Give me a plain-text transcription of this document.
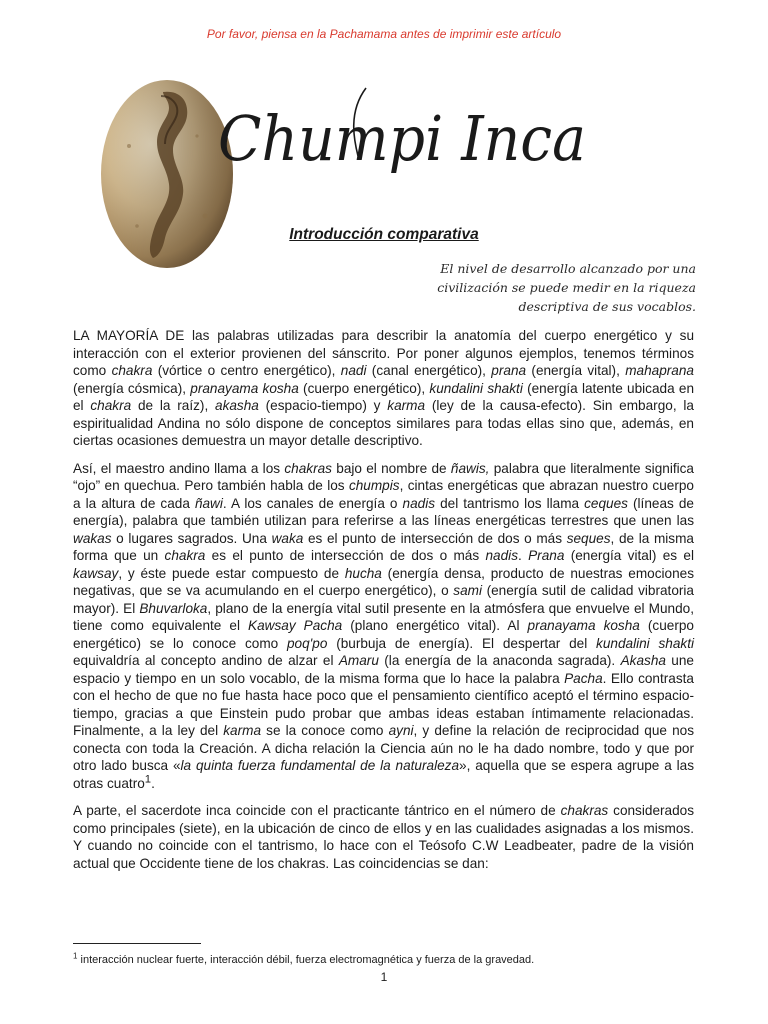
Por favor, piensa en la Pachamama antes de imprimir este artículo
Chumpi Inca
Introducción comparativa
El nivel de desarrollo alcanzado por una
civilización se puede medir en la riqueza
descriptiva de sus vocablos.

LA MAYORÍA DE las palabras utilizadas para describir la anatomía del cuerpo energético y su interacción con el exterior provienen del sánscrito. Por poner algunos ejemplos, tenemos términos como chakra (vórtice o centro energético), nadi (canal energético), prana (energía vital), mahaprana (energía cósmica), pranayama kosha (cuerpo energético), kundalini shakti (energía latente ubicada en el chakra de la raíz), akasha (espacio-tiempo) y karma (ley de la causa-efecto). Sin embargo, la espiritualidad Andina no sólo dispone de conceptos similares para todas ellas sino que, además, en ciertas ocasiones demuestra un mayor detalle descriptivo.

Así, el maestro andino llama a los chakras bajo el nombre de ñawis, palabra que literalmente significa “ojo” en quechua. Pero también habla de los chumpis, cintas energéticas que abrazan nuestro cuerpo a la altura de cada ñawi. A los canales de energía o nadis del tantrismo los llama ceques (líneas de energía), palabra que también utilizan para referirse a las líneas energéticas terrestres que unen las wakas o lugares sagrados. Una waka es el punto de intersección de dos o más seques, de la misma forma que un chakra es el punto de intersección de dos o más nadis. Prana (energía vital) es el kawsay, y éste puede estar compuesto de hucha (energía densa, producto de nuestras emociones negativas, que se va acumulando en el cuerpo energético), o sami (energía sutil de calidad vibratoria mayor). El Bhuvarloka, plano de la energía vital sutil presente en la atmósfera que envuelve el Mundo, tiene como equivalente el Kawsay Pacha (plano energético vital). Al pranayama kosha (cuerpo energético) se lo conoce como poq'po (burbuja de energía). El despertar del kundalini shakti equivaldría al concepto andino de alzar el Amaru (la energía de la anaconda sagrada). Akasha une espacio y tiempo en un solo vocablo, de la misma forma que lo hace la palabra Pacha. Ello contrasta con el hecho de que no fue hasta hace poco que el pensamiento científico aceptó el término espacio-tiempo, gracias a que Einstein pudo probar que ambas ideas estaban íntimamente relacionadas. Finalmente, a la ley del karma se la conoce como ayni, y define la relación de reciprocidad que nos conecta con toda la Creación. A dicha relación la Ciencia aún no le ha dado nombre, todo y que por otro lado busca «la quinta fuerza fundamental de la naturaleza», aquella que se espera agrupe a las otras cuatro$^1$.

A parte, el sacerdote inca coincide con el practicante tántrico en el número de chakras considerados como principales (siete), en la ubicación de cinco de ellos y en las cualidades asignadas a los mismos. Y cuando no coincide con el tantrismo, lo hace con el Teósofo C.W Leadbeater, padre de la visión actual que Occidente tiene de los chakras. Las coincidencias se dan:

$^1$ interacción nuclear fuerte, interacción débil, fuerza electromagnética y fuerza de la gravedad.
1
